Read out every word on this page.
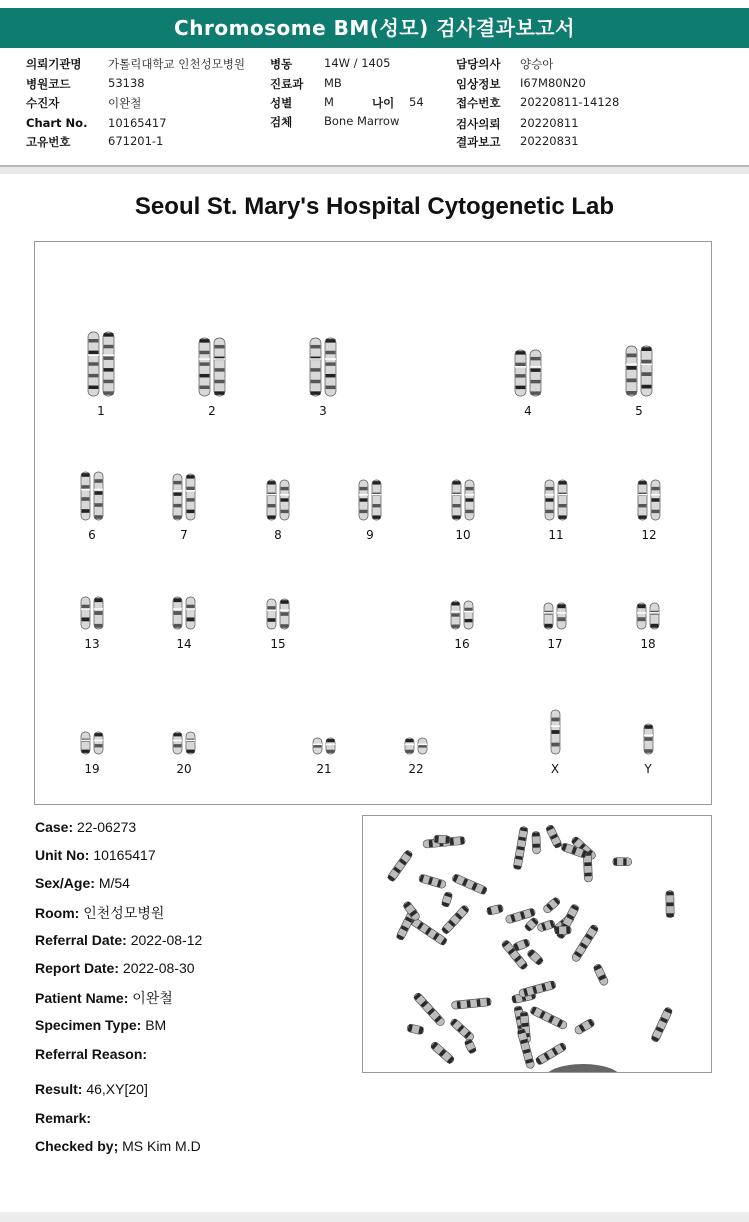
Chromosome BM(성모) 검사결과보고서
의뢰기관명 가톨릭대학교 인천성모병원
병원코드	53138
수진자	이완철
Chart No. 10165417
고유번호	671201-1
병동	14W / 1405
진료과 MB
성별	M	나이 54
검체	Bone Marrow
담당의사 양승아
임상정보 I67M80N20
접수번호 20220811-14128
검사의뢰 20220811
결과보고 20220831
Seoul St. Mary's Hospital Cytogenetic Lab
1	2	3	4	5
6	7	8	9	10	11	12
13	14	15	16	17	18
19	20	21	22	X	Y
Case: 22-06273
Unit No: 10165417
Sex/Age: M/54
Room: 인천성모병원
Referral Date: 2022-08-12
Report Date: 2022-08-30
Patient Name: 이완철
Specimen Type: BM
Referral Reason:
Result: 46,XY[20]
Remark:
Checked by; MS Kim M.D
